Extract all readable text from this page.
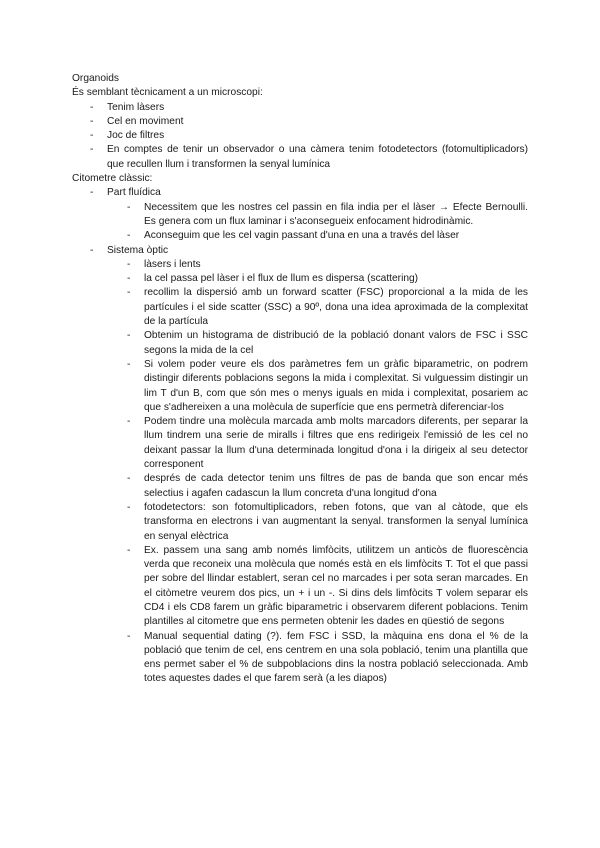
Organoids

És semblant tècnicament a un microscopi:

- Tenim làsers
- Cel en moviment
- Joc de filtres
- En comptes de tenir un observador o una càmera tenim fotodetectors (fotomultiplicadors) que recullen llum i transformen la senyal lumínica

Citometre clàssic:

- Part fluídica
- Necessitem que les nostres cel passin en fila india per el làser → Efecte Bernoulli. Es genera com un flux laminar i s'aconsegueix enfocament hidrodinàmic.
- Aconseguim que les cel vagin passant d'una en una a través del làser
- Sistema òptic
- làsers i lents
- la cel passa pel làser i el flux de llum es dispersa (scattering)
- recollim la dispersió amb un forward scatter (FSC) proporcional a la mida de les partícules i el side scatter (SSC) a 90º, dona una idea aproximada de la complexitat de la partícula
- Obtenim un histograma de distribució de la població donant valors de FSC i SSC segons la mida de la cel
- Si volem poder veure els dos paràmetres fem un gràfic biparametric, on podrem distingir diferents poblacions segons la mida i complexitat. Si vulguessim distingir un lim T d'un B, com que són mes o menys iguals en mida i complexitat, posariem ac que s'adhereixen a una molècula de superfície que ens permetrà diferenciar-los
- Podem tindre una molècula marcada amb molts marcadors diferents, per separar la llum tindrem una serie de miralls i filtres que ens redirigeix l'emissió de les cel no deixant passar la llum d'una determinada longitud d'ona i la dirigeix al seu detector corresponent
- després de cada detector tenim uns filtres de pas de banda que son encar més selectius i agafen cadascun la llum concreta d'una longitud d'ona
- fotodetectors: son fotomultiplicadors, reben fotons, que van al càtode, que els transforma en electrons i van augmentant la senyal. transformen la senyal lumínica en senyal elèctrica
- Ex. passem una sang amb només limfòcits, utilitzem un anticòs de fluorescència verda que reconeix una molècula que només està en els limfòcits T. Tot el que passi per sobre del llindar establert, seran cel no marcades i per sota seran marcades. En el citòmetre veurem dos pics, un + i un -. Si dins dels limfòcits T volem separar els CD4 i els CD8 farem un gràfic biparametric i observarem diferent poblacions. Tenim plantilles al citometre que ens permeten obtenir les dades en qüestió de segons
- Manual sequential dating (?). fem FSC i SSD, la màquina ens dona el % de la població que tenim de cel, ens centrem en una sola població, tenim una plantilla que ens permet saber el % de subpoblacions dins la nostra població seleccionada. Amb totes aquestes dades el que farem serà (a les diapos)
